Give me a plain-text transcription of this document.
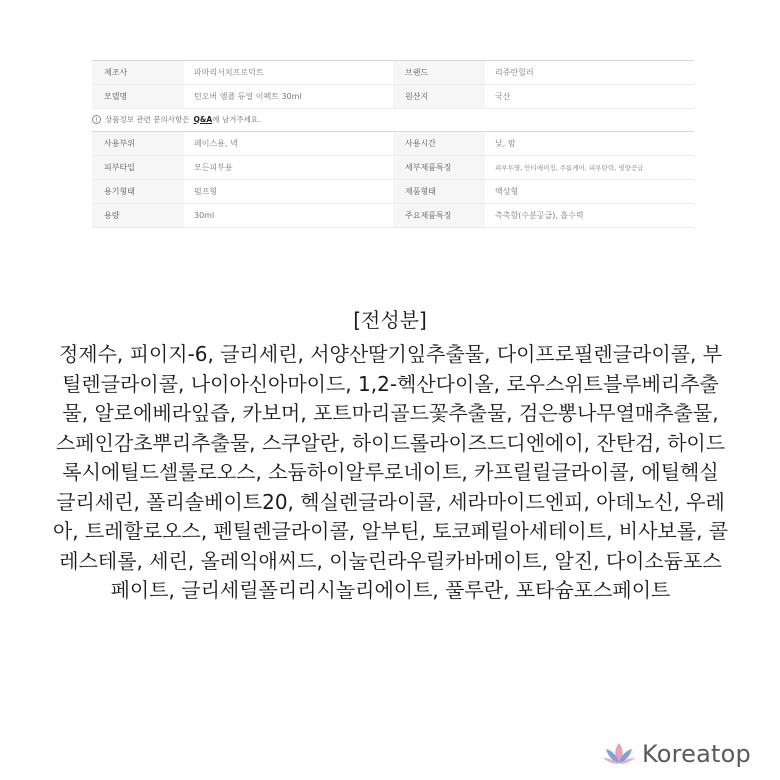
제조사	파마리서치프로덕트	브랜드	리쥬란힐러
모델명	턴오버 앰플 듀얼 이펙트 30ml	원산지	국산
! 상품정보 관련 문의사항은 Q&A 에 남겨주세요.
사용부위	페이스용, 넥	사용시간	낮, 밤
피부타입	모든피부용	세부제품특징	피부투명, 안티에이징, 주름케어, 피부탄력, 영양공급
용기형태	펌프형	제품형태	액상형
용량	30ml	주요제품특징	촉촉함(수분공급), 흡수력
[전성분]
정제수, 피이지-6, 글리세린, 서양산딸기잎추출물, 다이프로필렌글라이콜, 부
틸렌글라이콜, 나이아신아마이드, 1,2-헥산다이올, 로우스위트블루베리추출
물, 알로에베라잎즙, 카보머, 포트마리골드꽃추출물, 검은뽕나무열매추출물,
스페인감초뿌리추출물, 스쿠알란, 하이드롤라이즈드디엔에이, 잔탄검, 하이드
록시에틸드셀룰로오스, 소듐하이알루로네이트, 카프릴릴글라이콜, 에틸헥실
글리세린, 폴리솔베이트20, 헥실렌글라이콜, 세라마이드엔피, 아데노신, 우레
아, 트레할로오스, 펜틸렌글라이콜, 알부틴, 토코페릴아세테이트, 비사보롤, 콜
레스테롤, 세린, 올레익애씨드, 이눌린라우릴카바메이트, 알진, 다이소듐포스
페이트, 글리세릴폴리리시놀리에이트, 풀루란, 포타슘포스페이트
Koreatop
